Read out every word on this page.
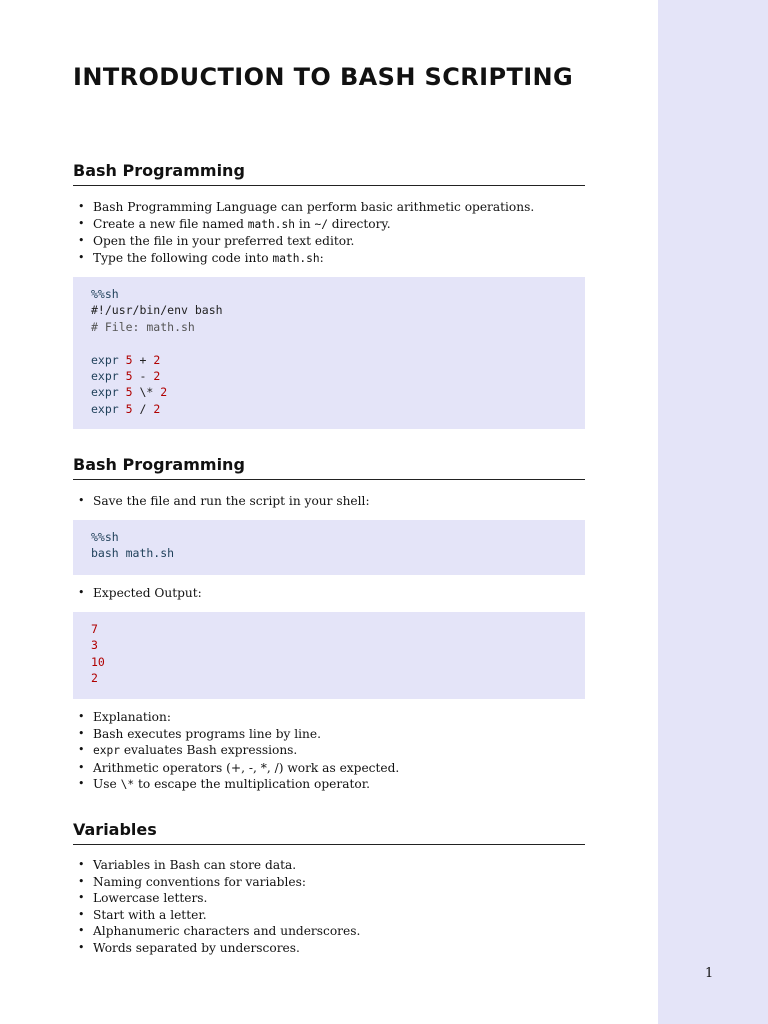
1
INTRODUCTION TO BASH SCRIPTING
Bash Programming
• Bash Programming Language can perform basic arithmetic operations.
• Create a new file named math.sh in ~/ directory.
• Open the file in your preferred text editor.
• Type the following code into math.sh:
%%sh
#!/usr/bin/env bash
# File: math.sh
expr 5 + 2
expr 5 - 2
expr 5 \* 2
expr 5 / 2
Bash Programming
• Save the file and run the script in your shell:
%%sh
bash math.sh
• Expected Output:
7
3
10
2
• Explanation:
• Bash executes programs line by line.
• expr evaluates Bash expressions.
• Arithmetic operators (+, -, *, /) work as expected.
• Use \* to escape the multiplication operator.
Variables
• Variables in Bash can store data.
• Naming conventions for variables:
• Lowercase letters.
• Start with a letter.
• Alphanumeric characters and underscores.
• Words separated by underscores.
